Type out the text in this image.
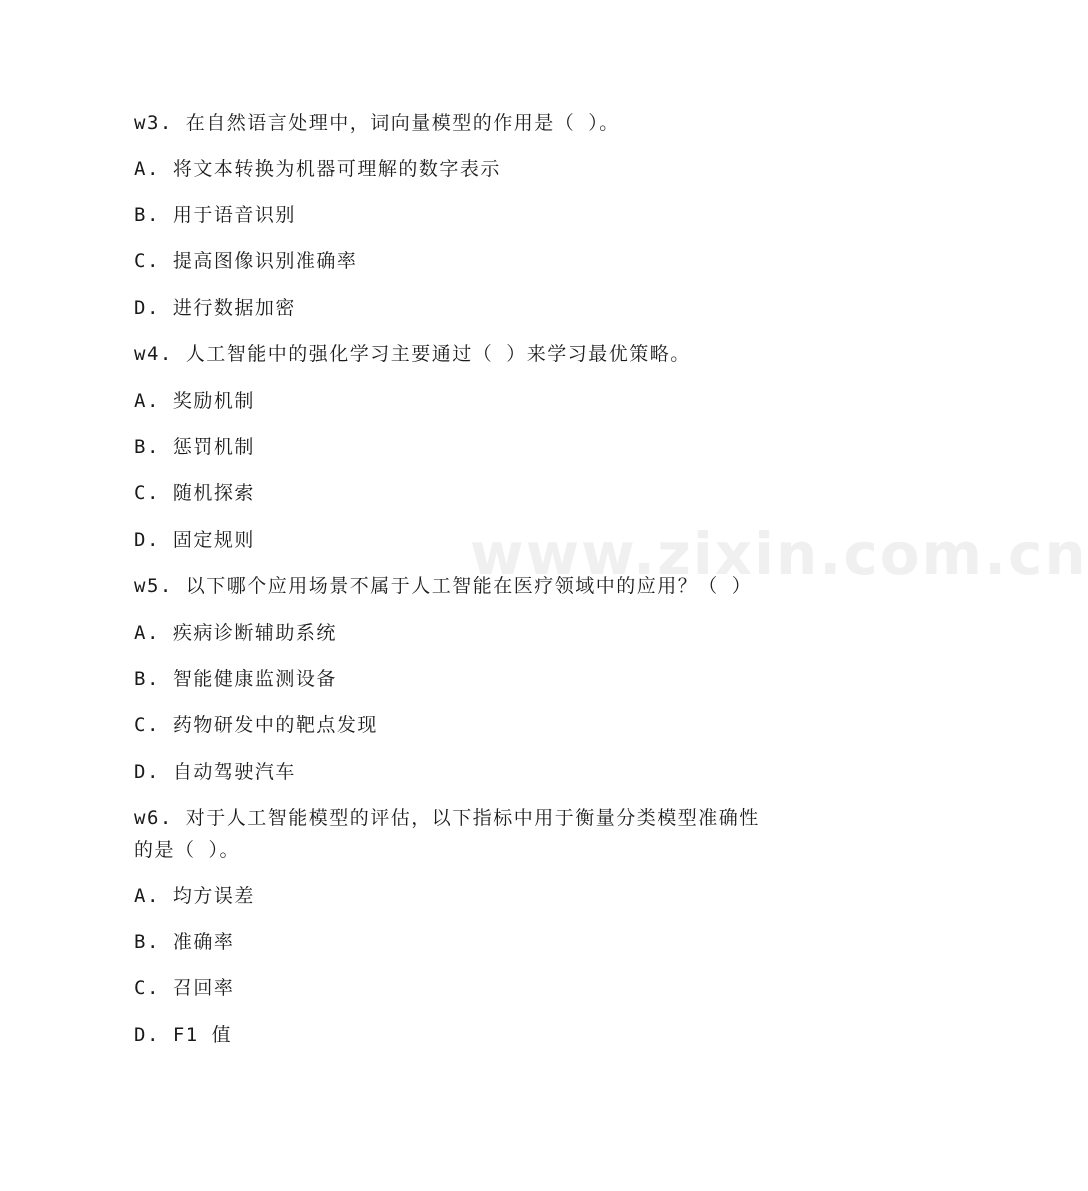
w3. 在自然语言处理中，词向量模型的作用是（ ）。
A. 将文本转换为机器可理解的数字表示
B. 用于语音识别
C. 提高图像识别准确率
D. 进行数据加密
w4. 人工智能中的强化学习主要通过（ ）来学习最优策略。
A. 奖励机制
B. 惩罚机制
C. 随机探索
D. 固定规则
w5. 以下哪个应用场景不属于人工智能在医疗领域中的应用？（ ）
A. 疾病诊断辅助系统
B. 智能健康监测设备
C. 药物研发中的靶点发现
D. 自动驾驶汽车
w6. 对于人工智能模型的评估，以下指标中用于衡量分类模型准确性
的是（ ）。
A. 均方误差
B. 准确率
C. 召回率
D. F1 值
www.zixin.com.cn
